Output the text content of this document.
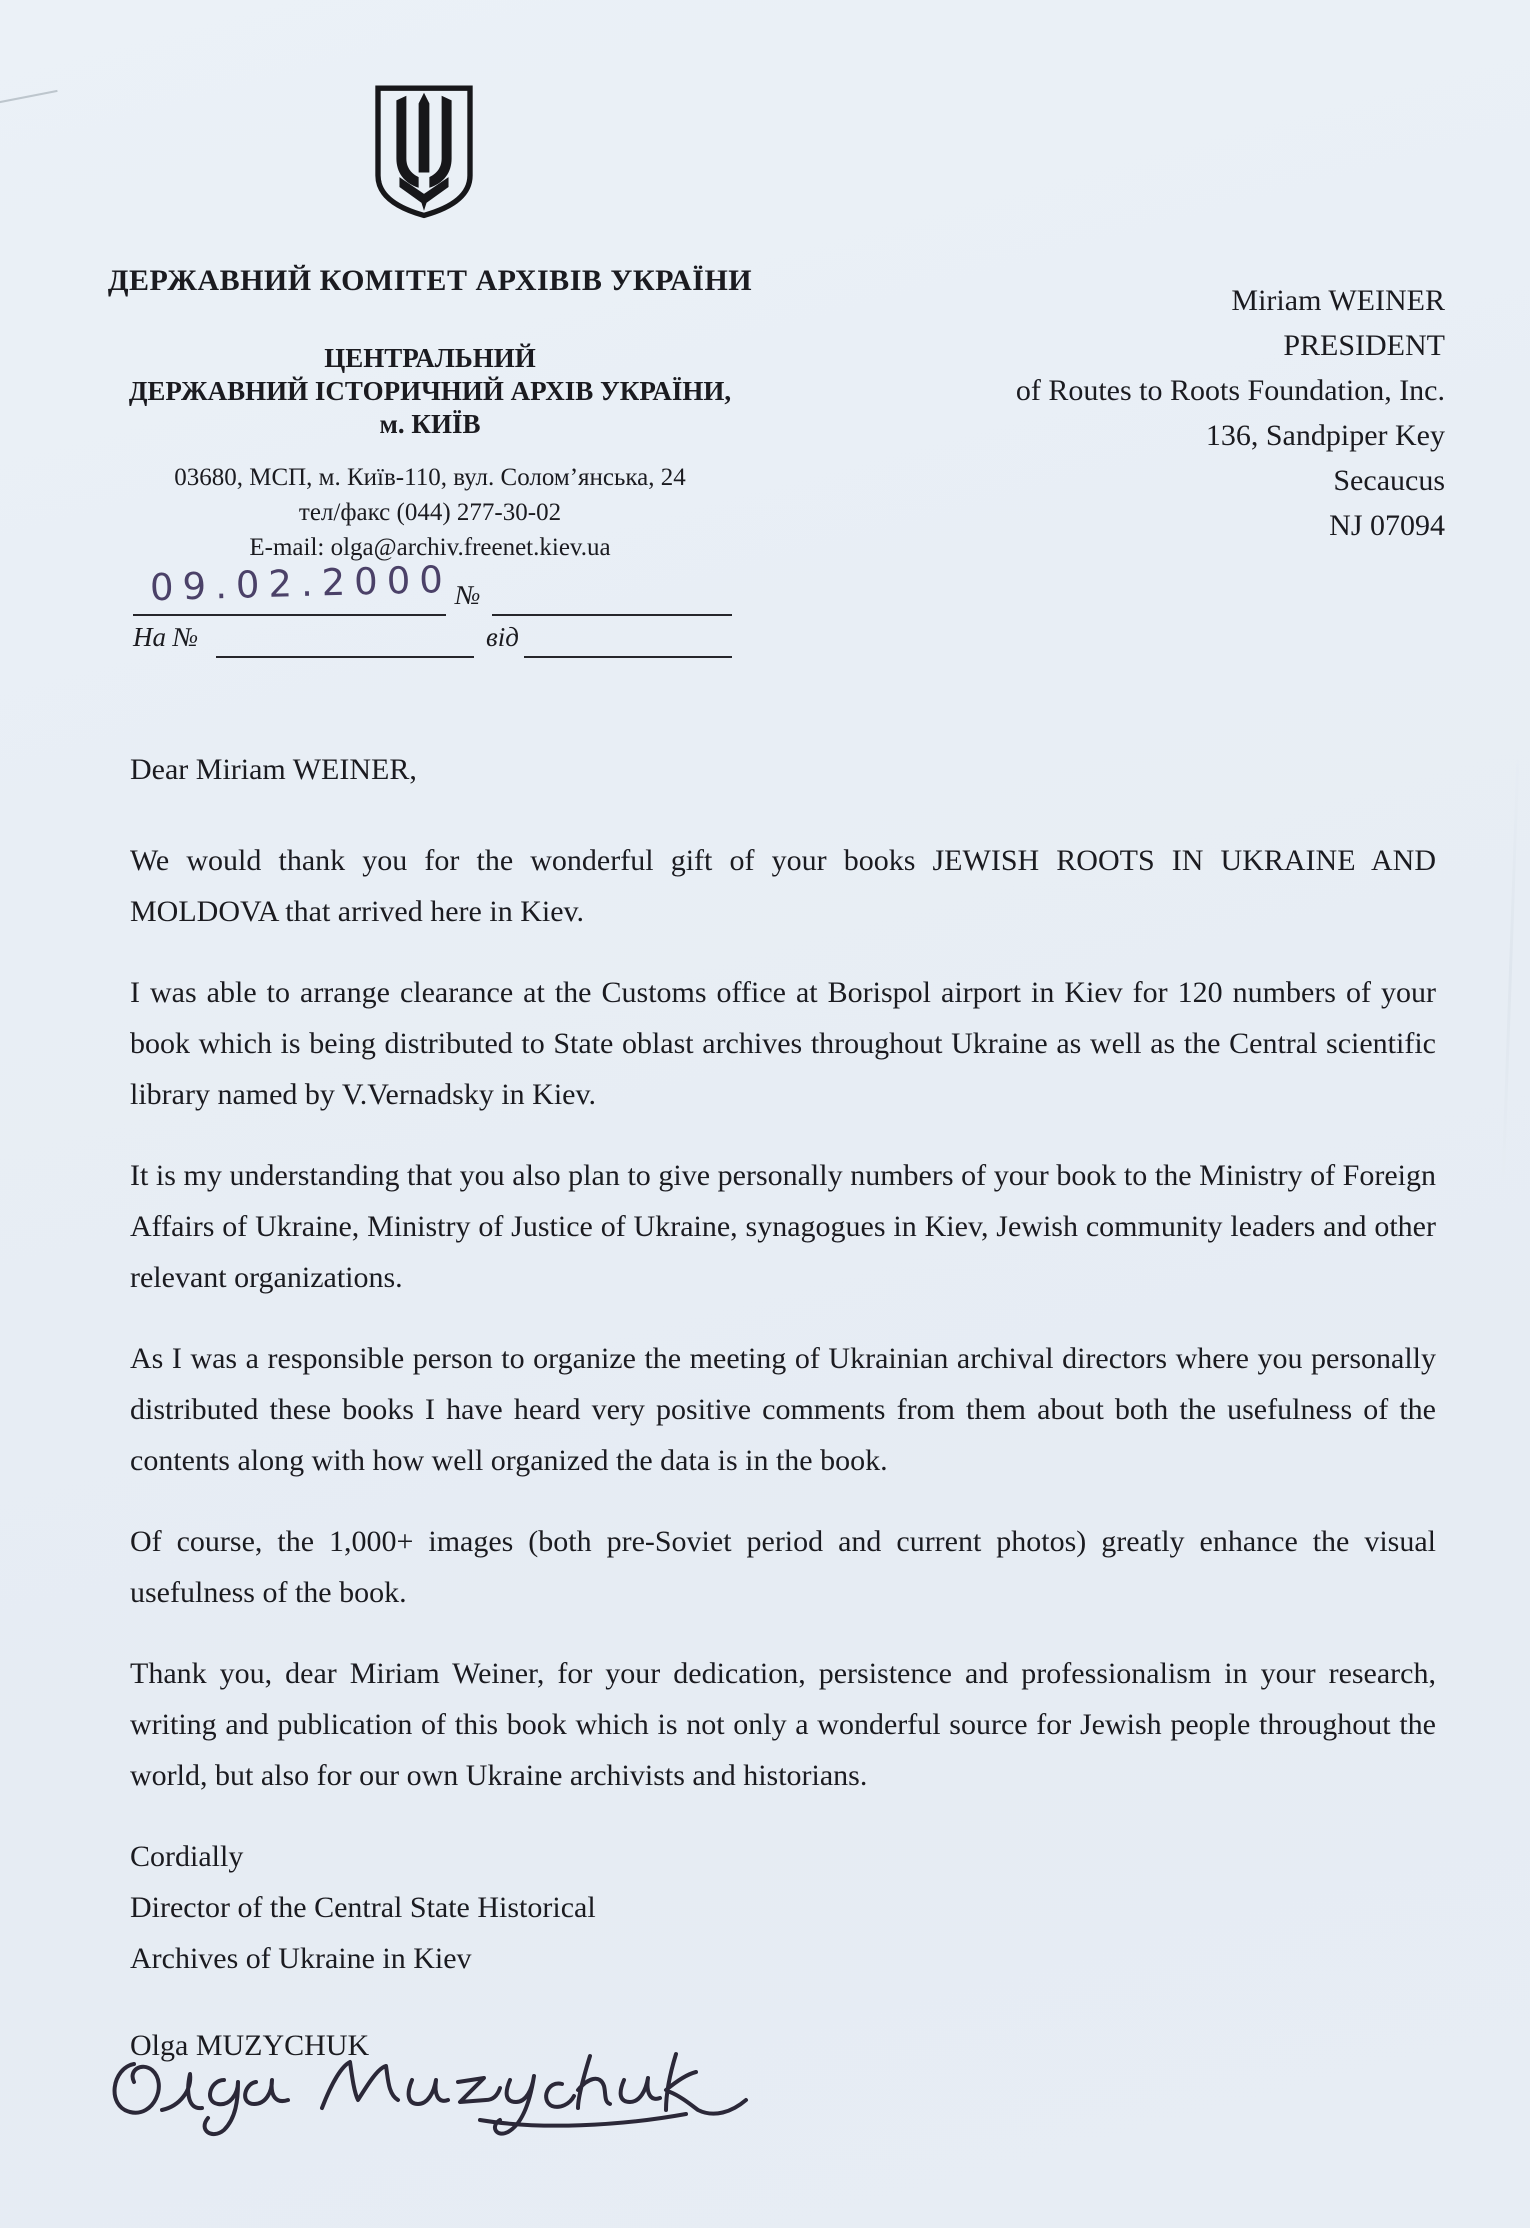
ДЕРЖАВНИЙ КОМІТЕТ АРХІВІВ УКРАЇНИ
ЦЕНТРАЛЬНИЙ
ДЕРЖАВНИЙ ІСТОРИЧНИЙ АРХІВ УКРАЇНИ,
м. КИЇВ
03680, МСП, м. Київ-110, вул. Солом’янська, 24
тел/факс (044) 277-30-02
E-mail: olga@archiv.freenet.kiev.ua
09.02.2000 №
На №	від
Miriam WEINER
PRESIDENT
of Routes to Roots Foundation, Inc.
136, Sandpiper Key
Secaucus
NJ 07094
Dear Miriam WEINER,

We would thank you for the wonderful gift of your books JEWISH ROOTS IN UKRAINE AND MOLDOVA that arrived here in Kiev.

I was able to arrange clearance at the Customs office at Borispol airport in Kiev for 120 numbers of your book which is being distributed to State oblast archives throughout Ukraine as well as the Central scientific library named by V.Vernadsky in Kiev.

It is my understanding that you also plan to give personally numbers of your book to the Ministry of Foreign Affairs of Ukraine, Ministry of Justice of Ukraine, synagogues in Kiev, Jewish community leaders and other relevant organizations.

As I was a responsible person to organize the meeting of Ukrainian archival directors where you personally distributed these books I have heard very positive comments from them about both the usefulness of the contents along with how well organized the data is in the book.

Of course, the 1,000+ images (both pre-Soviet period and current photos) greatly enhance the visual usefulness of the book.

Thank you, dear Miriam Weiner, for your dedication, persistence and professionalism in your research, writing and publication of this book which is not only a wonderful source for Jewish people throughout the world, but also for our own Ukraine archivists and historians.

Cordially
Director of the Central State Historical
Archives of Ukraine in Kiev
Olga MUZYCHUK
